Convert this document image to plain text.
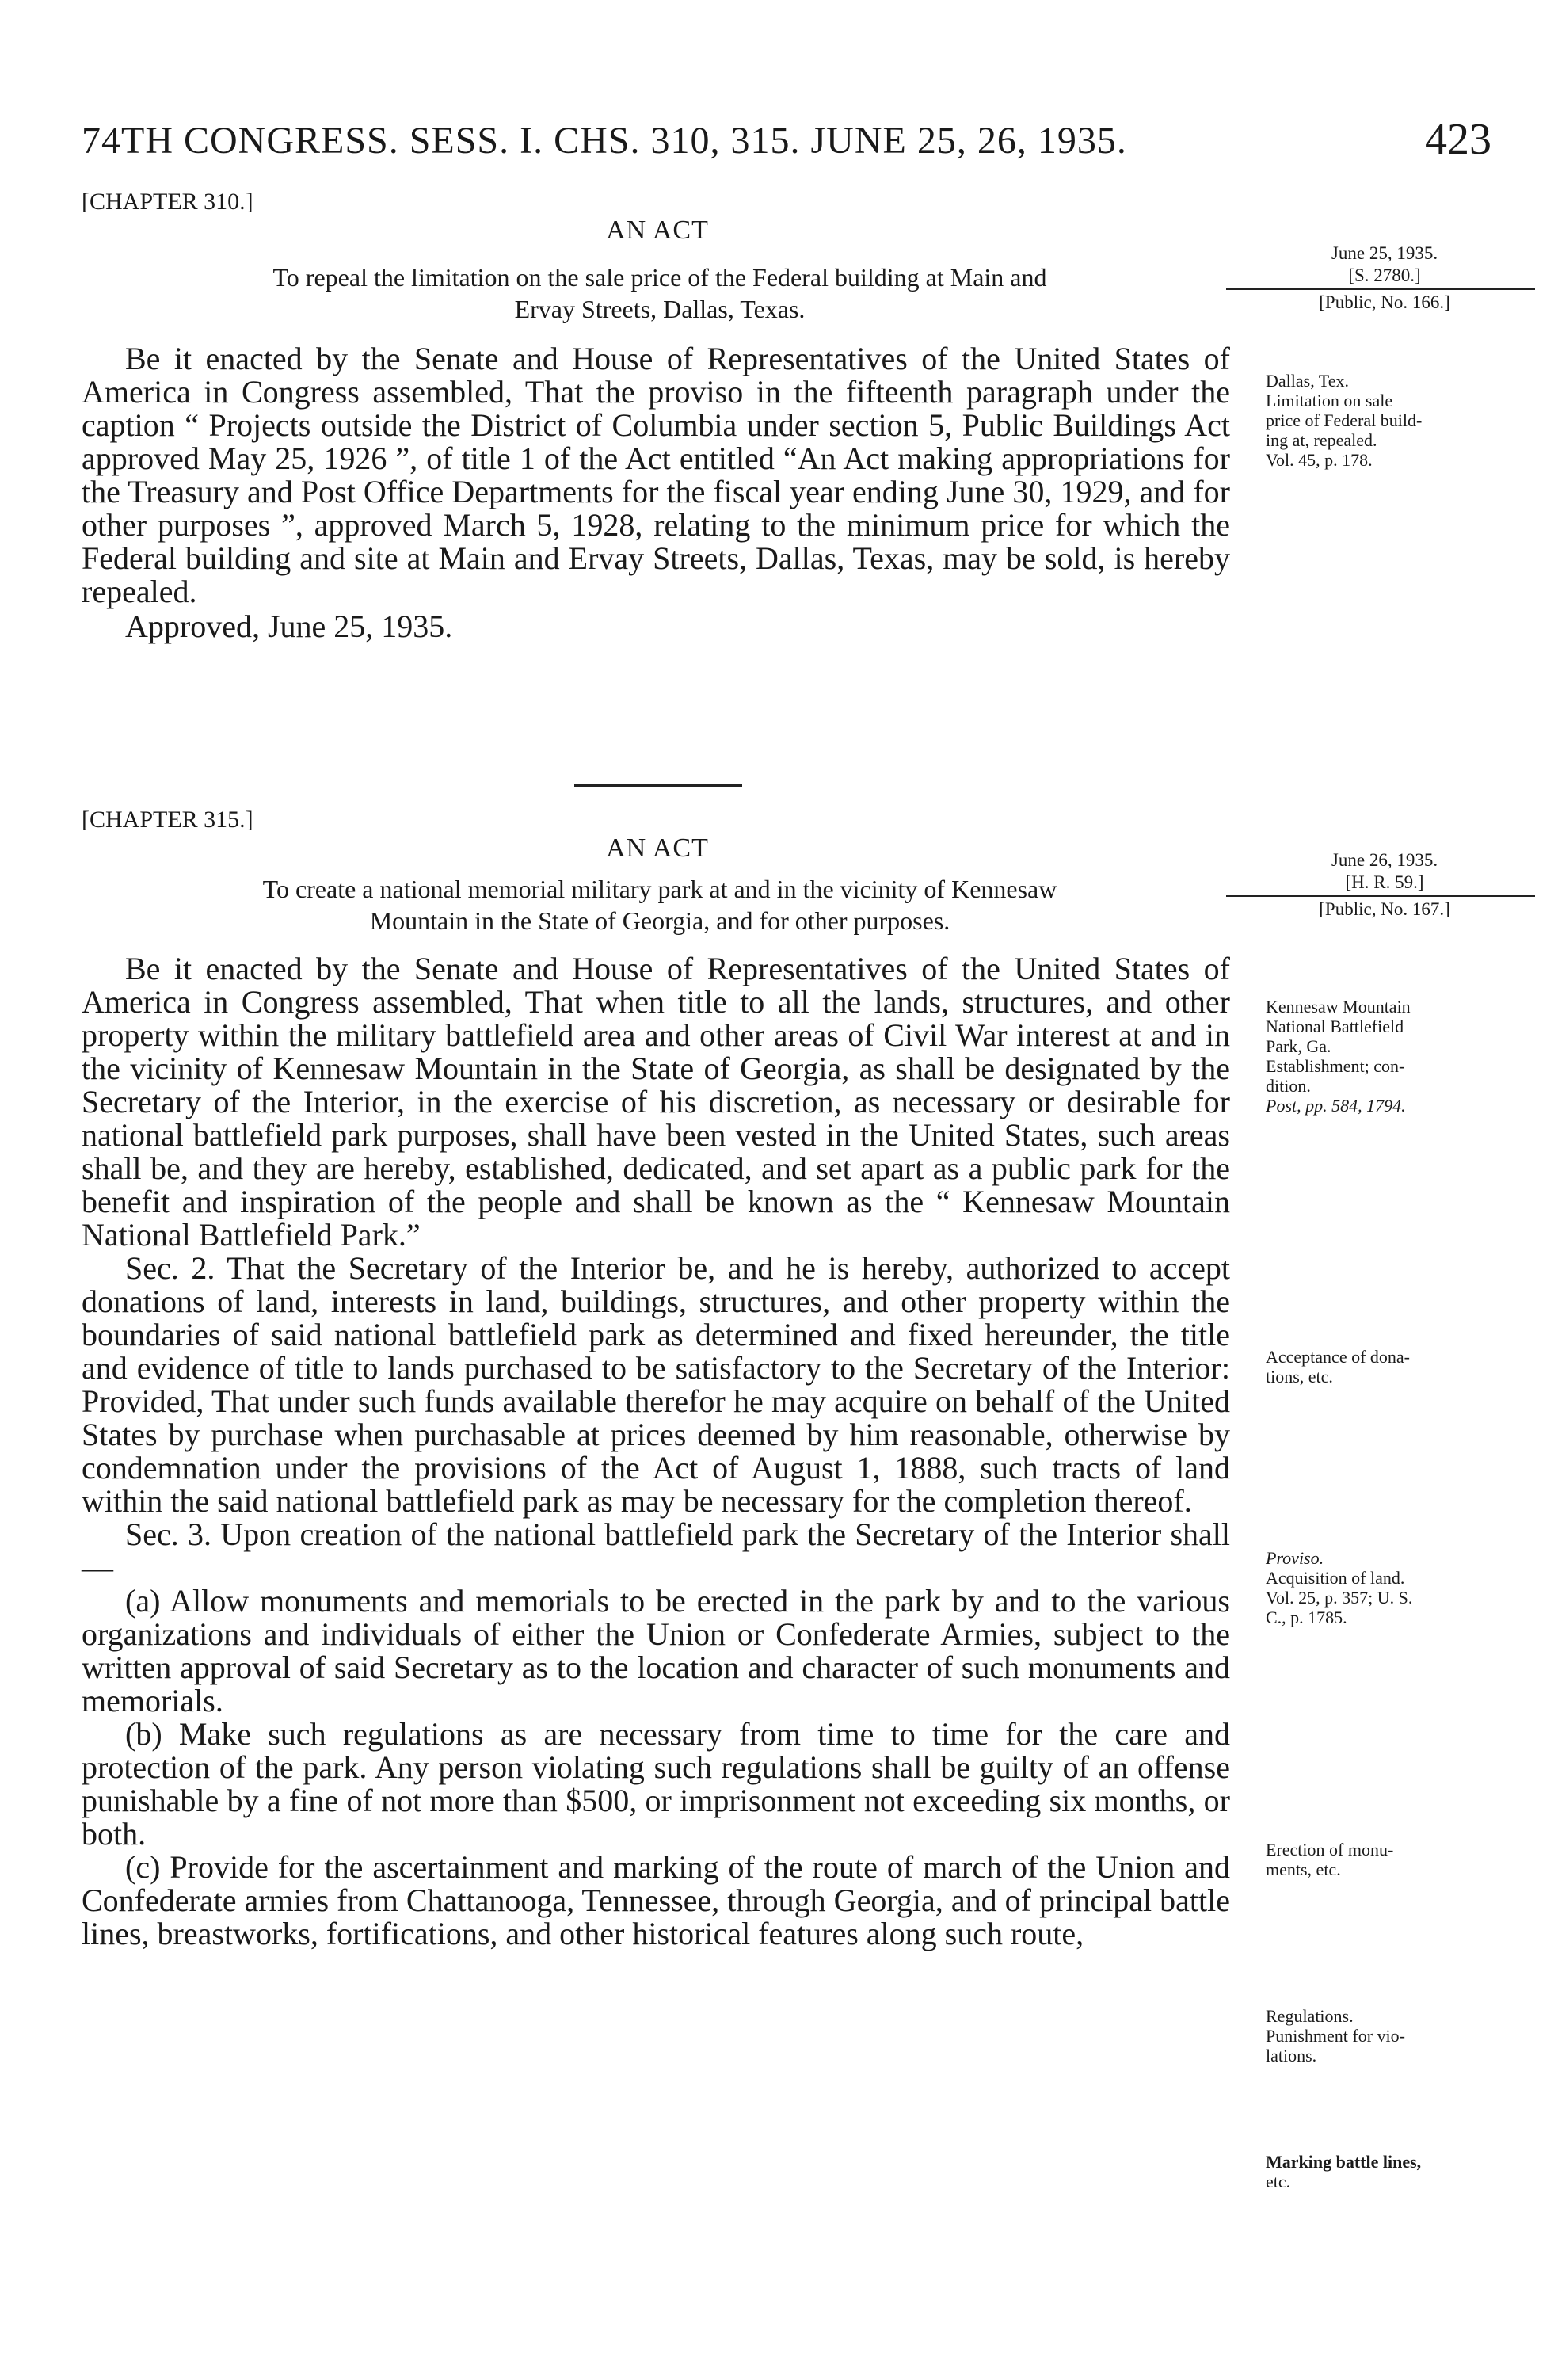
74TH CONGRESS. SESS. I. CHS. 310, 315. JUNE 25, 26, 1935.	423
[CHAPTER 310.]
AN ACT
To repeal the limitation on the sale price of the Federal building at Main and
Ervay Streets, Dallas, Texas.
June 25, 1935.
[S. 2780.]
[Public, No. 166.]

Be it enacted by the Senate and House of Representatives of the United States of America in Congress assembled, That the proviso in the fifteenth paragraph under the caption “ Projects outside the District of Columbia under section 5, Public Buildings Act approved May 25, 1926 ”, of title 1 of the Act entitled “An Act making appropriations for the Treasury and Post Office Departments for the fiscal year ending June 30, 1929, and for other purposes ”, approved March 5, 1928, relating to the minimum price for which the Federal building and site at Main and Ervay Streets, Dallas, Texas, may be sold, is hereby repealed.

Approved, June 25, 1935.

Dallas, Tex.
Limitation on sale
price of Federal build-
ing at, repealed.
Vol. 45, p. 178.
[CHAPTER 315.]
AN ACT
To create a national memorial military park at and in the vicinity of Kennesaw
Mountain in the State of Georgia, and for other purposes.
June 26, 1935.
[H. R. 59.]
[Public, No. 167.]

Be it enacted by the Senate and House of Representatives of the United States of America in Congress assembled, That when title to all the lands, structures, and other property within the military battlefield area and other areas of Civil War interest at and in the vicinity of Kennesaw Mountain in the State of Georgia, as shall be designated by the Secretary of the Interior, in the exercise of his discretion, as necessary or desirable for national battlefield park purposes, shall have been vested in the United States, such areas shall be, and they are hereby, established, dedicated, and set apart as a public park for the benefit and inspiration of the people and shall be known as the “ Kennesaw Mountain National Battlefield Park.”

Sec. 2. That the Secretary of the Interior be, and he is hereby, authorized to accept donations of land, interests in land, buildings, structures, and other property within the boundaries of said national battlefield park as determined and fixed hereunder, the title and evidence of title to lands purchased to be satisfactory to the Secretary of the Interior: Provided, That under such funds available therefor he may acquire on behalf of the United States by purchase when purchasable at prices deemed by him reasonable, otherwise by condemnation under the provisions of the Act of August 1, 1888, such tracts of land within the said national battlefield park as may be necessary for the completion thereof.

Sec. 3. Upon creation of the national battlefield park the Secretary of the Interior shall—

(a) Allow monuments and memorials to be erected in the park by and to the various organizations and individuals of either the Union or Confederate Armies, subject to the written approval of said Secretary as to the location and character of such monuments and memorials.

(b) Make such regulations as are necessary from time to time for the care and protection of the park. Any person violating such regulations shall be guilty of an offense punishable by a fine of not more than $500, or imprisonment not exceeding six months, or both.

(c) Provide for the ascertainment and marking of the route of march of the Union and Confederate armies from Chattanooga, Tennessee, through Georgia, and of principal battle lines, breastworks, fortifications, and other historical features along such route,

Kennesaw Mountain
National Battlefield
Park, Ga.
Establishment; con-
dition.
Post, pp. 584, 1794.
Acceptance of dona-
tions, etc.
Proviso.
Acquisition of land.
Vol. 25, p. 357; U. S.
C., p. 1785.
Erection of monu-
ments, etc.
Regulations.
Punishment for vio-
lations.
Marking battle lines,
etc.
